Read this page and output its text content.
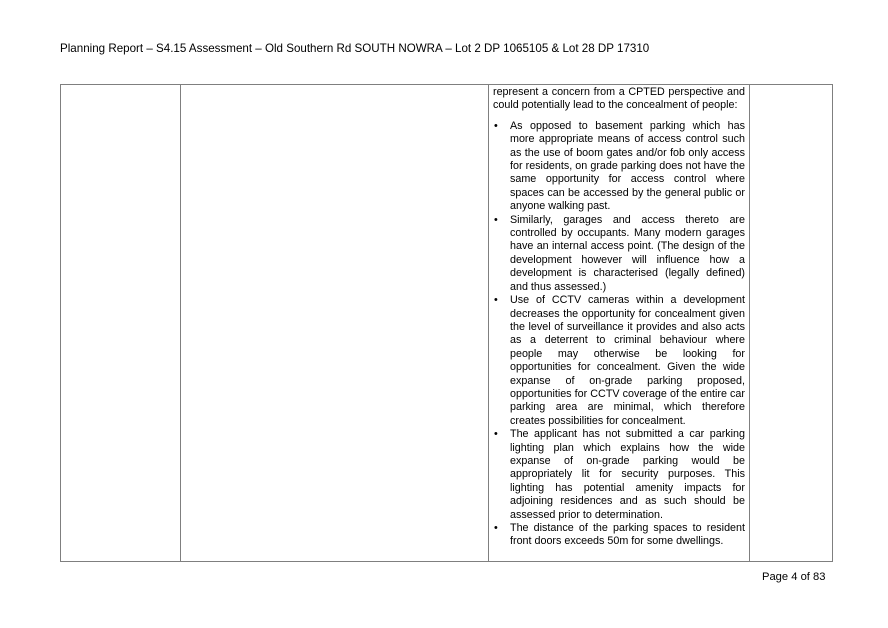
Planning Report – S4.15 Assessment – Old Southern Rd SOUTH NOWRA – Lot 2 DP 1065105 & Lot 28 DP 17310

represent a concern from a CPTED perspective and could potentially lead to the concealment of people:

•	As opposed to basement parking which has more appropriate means of access control such as the use of boom gates and/or fob only access for residents, on grade parking does not have the same opportunity for access control where spaces can be accessed by the general public or anyone walking past.
•	Similarly, garages and access thereto are controlled by occupants. Many modern garages have an internal access point. (The design of the development however will influence how a development is characterised (legally defined) and thus assessed.)
•	Use of CCTV cameras within a development decreases the opportunity for concealment given the level of surveillance it provides and also acts as a deterrent to criminal behaviour where people may otherwise be looking for opportunities for concealment. Given the wide expanse of on-grade parking proposed, opportunities for CCTV coverage of the entire car parking area are minimal, which therefore creates possibilities for concealment.
•	The applicant has not submitted a car parking lighting plan which explains how the wide expanse of on-grade parking would be appropriately lit for security purposes. This lighting has potential amenity impacts for adjoining residences and as such should be assessed prior to determination.
•	The distance of the parking spaces to resident front doors exceeds 50m for some dwellings.

Page 4 of 83
